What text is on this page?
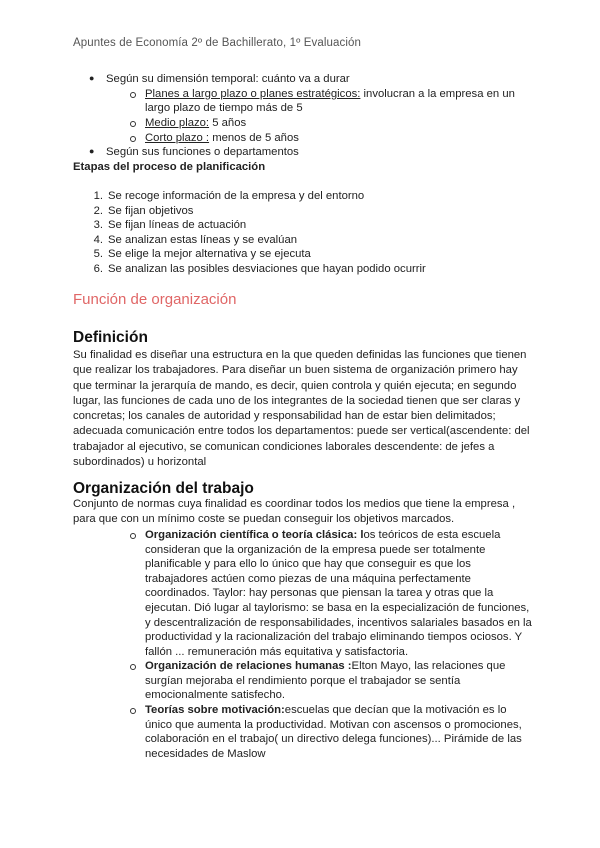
Apuntes de Economía 2º de Bachillerato, 1º Evaluación
● Según su dimensión temporal: cuánto va a durar
Planes a largo plazo o planes estratégicos: involucran a la empresa en un
largo plazo de tiempo más de 5
Medio plazo: 5 años
Corto plazo : menos de 5 años
● Según sus funciones o departamentos
Etapas del proceso de planificación
1. Se recoge información de la empresa y del entorno
2. Se fijan objetivos
3. Se fijan líneas de actuación
4. Se analizan estas líneas y se evalúan
5. Se elige la mejor alternativa y se ejecuta
6. Se analizan las posibles desviaciones que hayan podido ocurrir
Función de organización
Definición
Su finalidad es diseñar una estructura en la que queden definidas las funciones que tienen
que realizar los trabajadores. Para diseñar un buen sistema de organización primero hay
que terminar la jerarquía de mando, es decir, quien controla y quién ejecuta; en segundo
lugar, las funciones de cada uno de los integrantes de la sociedad tienen que ser claras y
concretas; los canales de autoridad y responsabilidad han de estar bien delimitados;
adecuada comunicación entre todos los departamentos: puede ser vertical(ascendente: del
trabajador al ejecutivo, se comunican condiciones laborales descendente: de jefes a
subordinados) u horizontal
Organización del trabajo
Conjunto de normas cuya finalidad es coordinar todos los medios que tiene la empresa ,
para que con un mínimo coste se puedan conseguir los objetivos marcados.
Organización científica o teoría clásica: los teóricos de esta escuela
consideran que la organización de la empresa puede ser totalmente
planificable y para ello lo único que hay que conseguir es que los
trabajadores actúen como piezas de una máquina perfectamente
coordinados. Taylor: hay personas que piensan la tarea y otras que la
ejecutan. Dió lugar al taylorismo: se basa en la especialización de funciones,
y descentralización de responsabilidades, incentivos salariales basados en la
productividad y la racionalización del trabajo eliminando tiempos ociosos. Y
fallón ... remuneración más equitativa y satisfactoria.
Organización de relaciones humanas :Elton Mayo, las relaciones que
surgían mejoraba el rendimiento porque el trabajador se sentía
emocionalmente satisfecho.
Teorías sobre motivación:escuelas que decían que la motivación es lo
único que aumenta la productividad. Motivan con ascensos o promociones,
colaboración en el trabajo( un directivo delega funciones)... Pirámide de las
necesidades de Maslow
